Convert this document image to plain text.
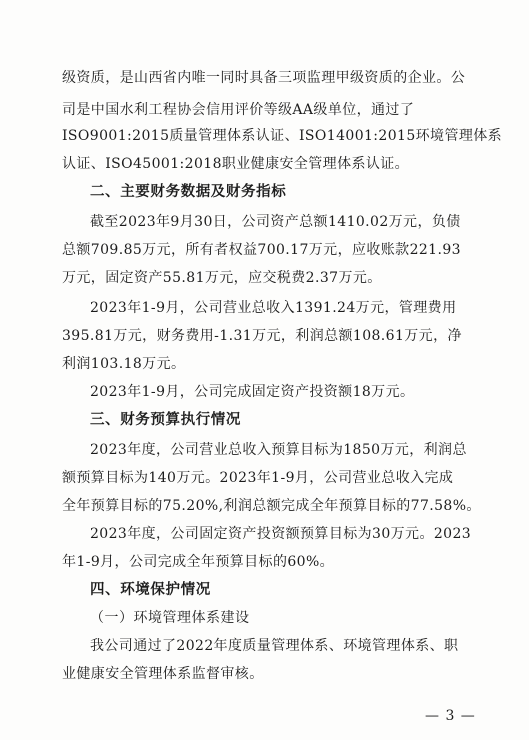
级资质，是山西省内唯一同时具备三项监理甲级资质的企业。公
司是中国水利工程协会信用评价等级AA级单位，通过了
ISO9001:2015质量管理体系认证、ISO14001:2015环境管理体系
认证、ISO45001:2018职业健康安全管理体系认证。
二、主要财务数据及财务指标
截至2023年9月30日，公司资产总额1410.02万元，负债
总额709.85万元，所有者权益700.17万元，应收账款221.93
万元，固定资产55.81万元，应交税费2.37万元。
2023年1-9月，公司营业总收入1391.24万元，管理费用
395.81万元，财务费用-1.31万元，利润总额108.61万元，净
利润103.18万元。
2023年1-9月，公司完成固定资产投资额18万元。
三、财务预算执行情况
2023年度，公司营业总收入预算目标为1850万元，利润总
额预算目标为140万元。2023年1-9月，公司营业总收入完成
全年预算目标的75.20%,利润总额完成全年预算目标的77.58%。
2023年度，公司固定资产投资额预算目标为30万元。2023
年1-9月，公司完成全年预算目标的60%。
四、环境保护情况
（一）环境管理体系建设
我公司通过了2022年度质量管理体系、环境管理体系、职
业健康安全管理体系监督审核。
— 3 —
